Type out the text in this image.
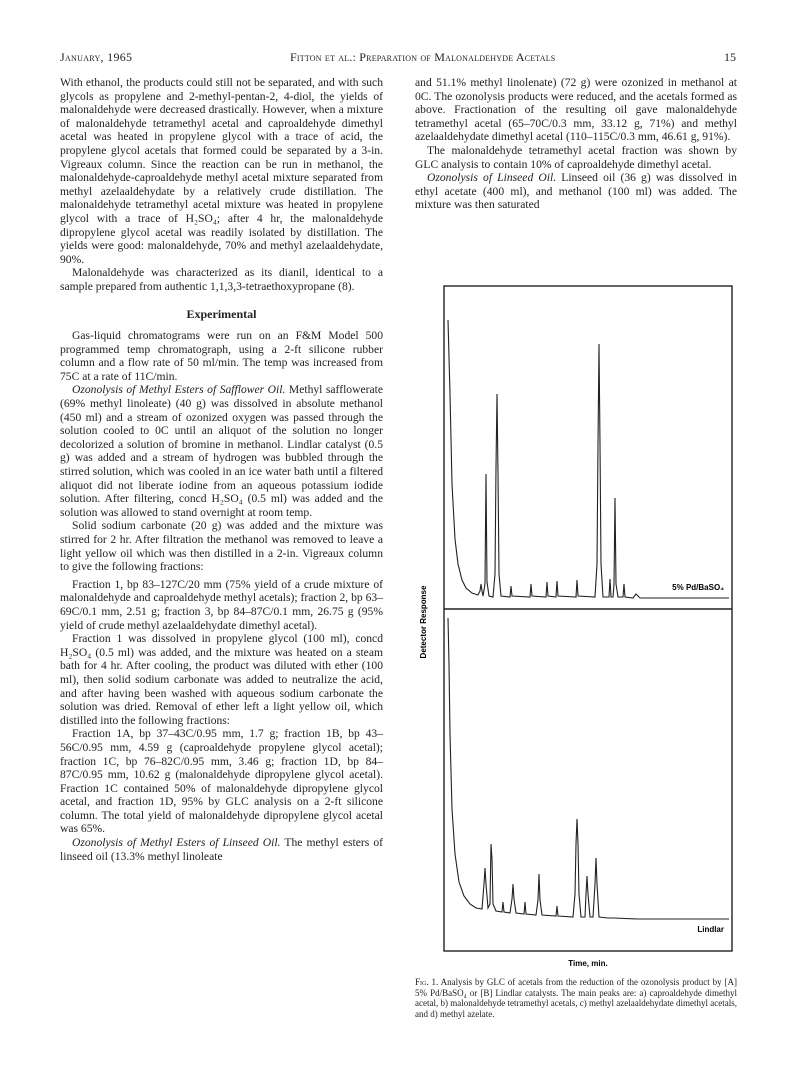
January, 1965	Fitton et al.: Preparation of Malonaldehyde Acetals	15

With ethanol, the products could still not be separated, and with such glycols as propylene and 2-methyl-pentan-2, 4-diol, the yields of malonaldehyde were decreased drastically. However, when a mixture of malonaldehyde tetramethyl acetal and caproaldehyde dimethyl acetal was heated in propylene glycol with a trace of acid, the propylene glycol acetals that formed could be separated by a 3-in. Vigreaux column. Since the reaction can be run in methanol, the malonaldehyde-caproaldehyde methyl acetal mixture separated from methyl azelaaldehydate by a relatively crude distillation. The malonaldehyde tetramethyl acetal mixture was heated in propylene glycol with a trace of H₂SO₄; after 4 hr, the malonaldehyde dipropylene glycol acetal was readily isolated by distillation. The yields were good: malonaldehyde, 70% and methyl azelaaldehydate, 90%.

Malonaldehyde was characterized as its dianil, identical to a sample prepared from authentic 1,1,3,3-tetraethoxypropane (8).

Experimental

Gas-liquid chromatograms were run on an F&M Model 500 programmed temp chromatograph, using a 2-ft silicone rubber column and a flow rate of 50 ml/min. The temp was increased from 75C at a rate of 11C/min.

Ozonolysis of Methyl Esters of Safflower Oil. Methyl safflowerate (69% methyl linoleate) (40 g) was dissolved in absolute methanol (450 ml) and a stream of ozonized oxygen was passed through the solution cooled to 0C until an aliquot of the solution no longer decolorized a solution of bromine in methanol. Lindlar catalyst (0.5 g) was added and a stream of hydrogen was bubbled through the stirred solution, which was cooled in an ice water bath until a filtered aliquot did not liberate iodine from an aqueous potassium iodide solution. After filtering, concd H₂SO₄ (0.5 ml) was added and the solution was allowed to stand overnight at room temp.

Solid sodium carbonate (20 g) was added and the mixture was stirred for 2 hr. After filtration the methanol was removed to leave a light yellow oil which was then distilled in a 2-in. Vigreaux column to give the following fractions:

Fraction 1, bp 83–127C/20 mm (75% yield of a crude mixture of malonaldehyde and caproaldehyde methyl acetals); fraction 2, bp 63–69C/0.1 mm, 2.51 g; fraction 3, bp 84–87C/0.1 mm, 26.75 g (95% yield of crude methyl azelaaldehydate dimethyl acetal).

Fraction 1 was dissolved in propylene glycol (100 ml), concd H₂SO₄ (0.5 ml) was added, and the mixture was heated on a steam bath for 4 hr. After cooling, the product was diluted with ether (100 ml), then solid sodium carbonate was added to neutralize the acid, and after having been washed with aqueous sodium carbonate the solution was dried. Removal of ether left a light yellow oil, which distilled into the following fractions:

Fraction 1A, bp 37–43C/0.95 mm, 1.7 g; fraction 1B, bp 43–56C/0.95 mm, 4.59 g (caproaldehyde propylene glycol acetal); fraction 1C, bp 76–82C/0.95 mm, 3.46 g; fraction 1D, bp 84–87C/0.95 mm, 10.62 g (malonaldehyde dipropylene glycol acetal). Fraction 1C contained 50% of malonaldehyde dipropylene glycol acetal, and fraction 1D, 95% by GLC analysis on a 2-ft silicone column. The total yield of malonaldehyde dipropylene glycol acetal was 65%.

Ozonolysis of Methyl Esters of Linseed Oil. The methyl esters of linseed oil (13.3% methyl linoleate

and 51.1% methyl linolenate) (72 g) were ozonized in methanol at 0C. The ozonolysis products were reduced, and the acetals formed as above. Fractionation of the resulting oil gave malonaldehyde tetramethyl acetal (65–70C/0.3 mm, 33.12 g, 71%) and methyl azelaaldehydate dimethyl acetal (110–115C/0.3 mm, 46.61 g, 91%).

The malonaldehyde tetramethyl acetal fraction was shown by GLC analysis to contain 10% of caproaldehyde dimethyl acetal.

Ozonolysis of Linseed Oil. Linseed oil (36 g) was dissolved in ethyl acetate (400 ml), and methanol (100 ml) was added. The mixture was then saturated

Detector Response
Time, min.
5% Pd/BaSO₄
Lindlar
Fig. 1. Analysis by GLC of acetals from the reduction of the ozonolysis product by [A] 5% Pd/BaSO₄ or [B] Lindlar catalysts. The main peaks are: a) caproaldehyde dimethyl acetal, b) malonaldehyde tetramethyl acetals, c) methyl azelaaldehydate dimethyl acetals, and d) methyl azelate.
